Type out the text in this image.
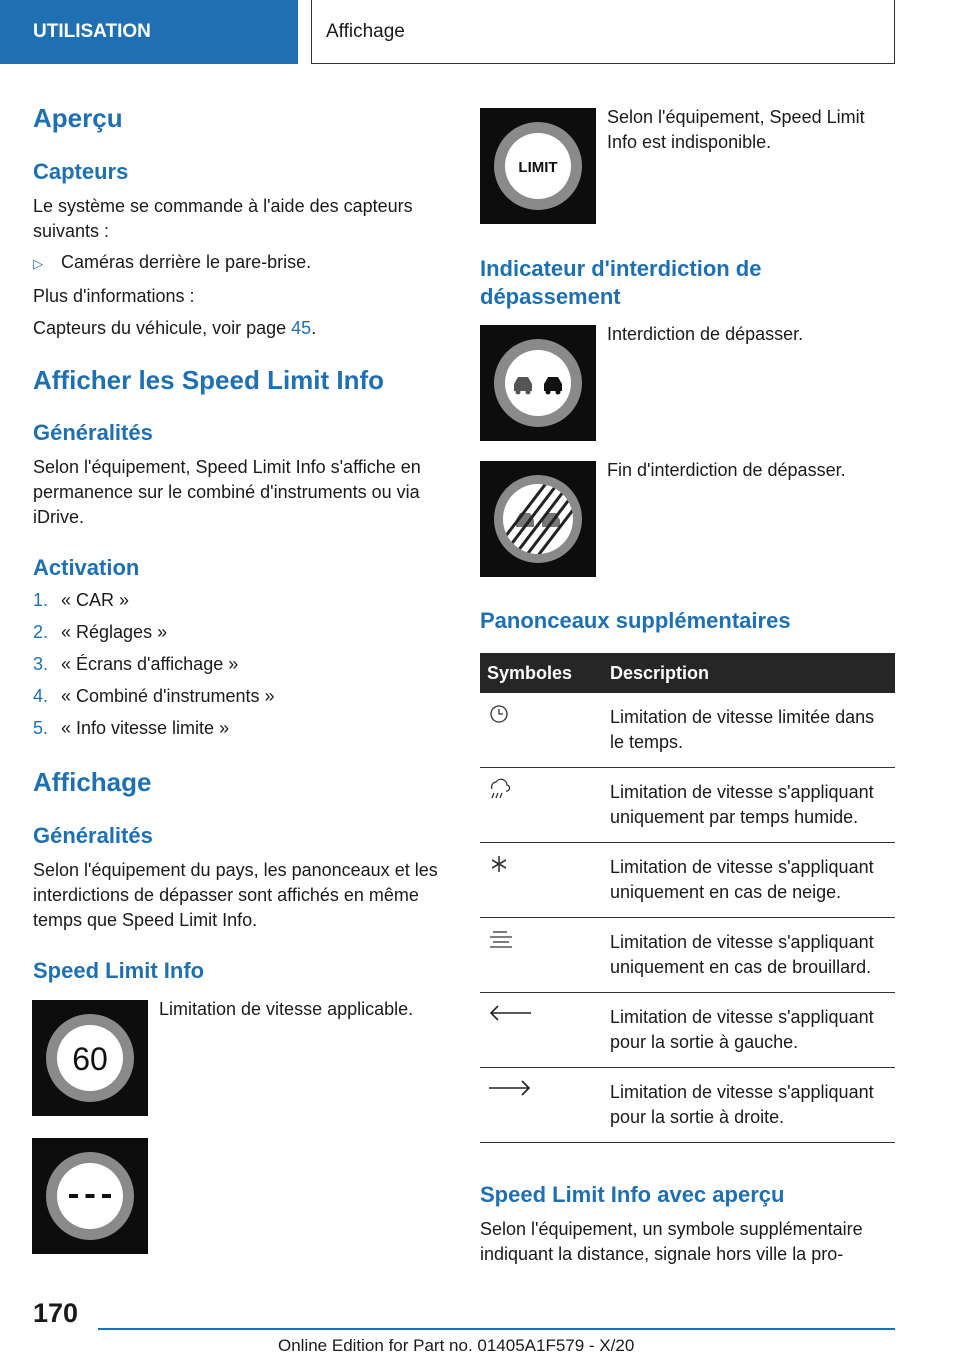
UTILISATION	Affichage
Aperçu
Capteurs

Le système se commande à l'aide des capteurs suivants :

▷ Caméras derrière le pare-brise.

Plus d'informations :

Capteurs du véhicule, voir page 45.

Afficher les Speed Limit Info
Généralités

Selon l'équipement, Speed Limit Info s'affiche en permanence sur le combiné d'instruments ou via iDrive.

Activation
1. « CAR »
2. « Réglages »
3. « Écrans d'affichage »
4. « Combiné d'instruments »
5. « Info vitesse limite »
Affichage
Généralités

Selon l'équipement du pays, les panonceaux et les interdictions de dépasser sont affichés en même temps que Speed Limit Info.

Speed Limit Info
60

Limitation de vitesse applicable.

LIMIT

Selon l'équipement, Speed Limit Info est indisponible.

Indicateur d'interdiction de dépassement

Interdiction de dépasser.

Fin d'interdiction de dépasser.

Panonceaux supplémentaires
Symboles	Description
	Limitation de vitesse limitée dans le temps.
	Limitation de vitesse s'appliquant uniquement par temps humide.
	Limitation de vitesse s'appliquant uniquement en cas de neige.
	Limitation de vitesse s'appliquant uniquement en cas de brouillard.
	Limitation de vitesse s'appliquant pour la sortie à gauche.
	Limitation de vitesse s'appliquant pour la sortie à droite.
Speed Limit Info avec aperçu

Selon l'équipement, un symbole supplémentaire indiquant la distance, signale hors ville la pro-

170
Online Edition for Part no. 01405A1F579 - X/20
